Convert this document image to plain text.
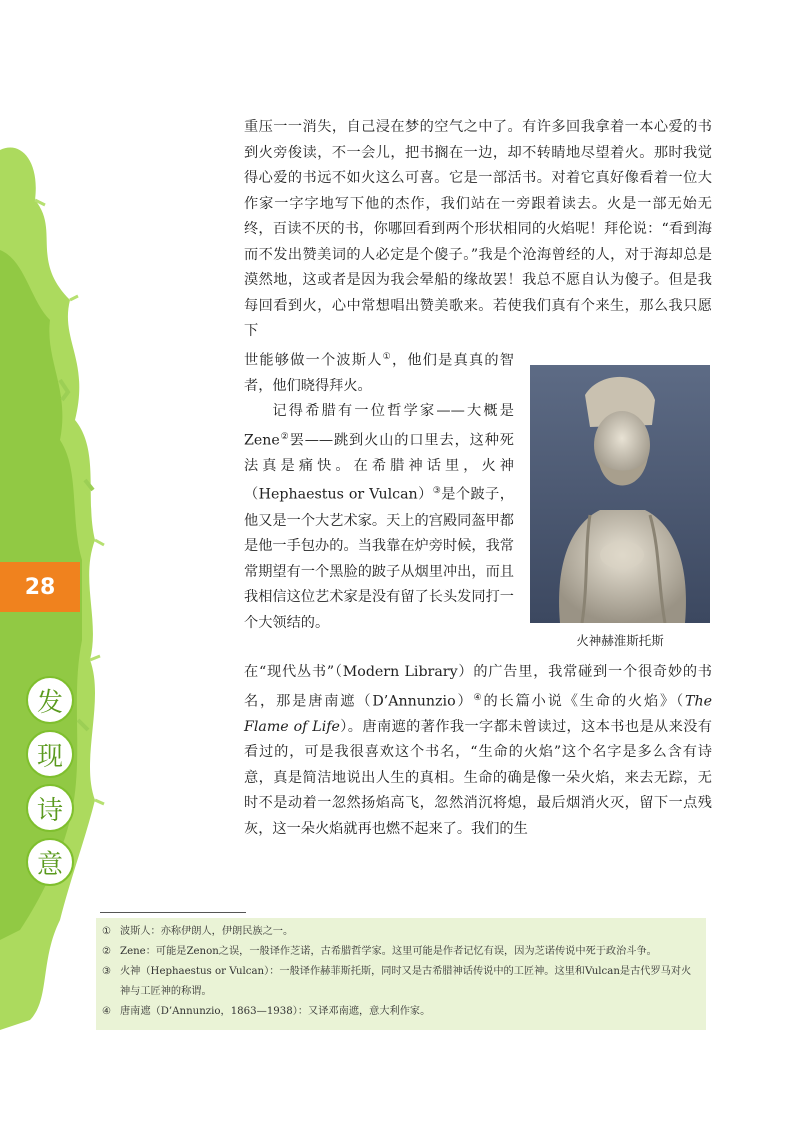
28
发
现
诗
意

重压一一消失，自己浸在梦的空气之中了。有许多回我拿着一本心爱的书到火旁俊读，不一会儿，把书搁在一边，却不转睛地尽望着火。那时我觉得心爱的书远不如火这么可喜。它是一部活书。对着它真好像看着一位大作家一字字地写下他的杰作，我们站在一旁跟着读去。火是一部无始无终，百读不厌的书，你哪回看到两个形状相同的火焰呢！拜伦说：“看到海而不发出赞美词的人必定是个傻子。”我是个沧海曾经的人，对于海却总是漠然地，这或者是因为我会晕船的缘故罢！我总不愿自认为傻子。但是我每回看到火，心中常想唱出赞美歌来。若使我们真有个来生，那么我只愿下

世能够做一个波斯人①，他们是真真的智者，他们晓得拜火。

记得希腊有一位哲学家——大概是Zene②罢——跳到火山的口里去，这种死法真是痛快。在希腊神话里，火神（Hephaestus or Vulcan）③是个跛子，他又是一个大艺术家。天上的宫殿同盔甲都是他一手包办的。当我靠在炉旁时候，我常常期望有一个黑脸的跛子从烟里冲出，而且我相信这位艺术家是没有留了长头发同打一个大领结的。

火神赫淮斯托斯

在“现代丛书”（Modern Library）的广告里，我常碰到一个很奇妙的书名，那是唐南遮（D’Annunzio）④的长篇小说《生命的火焰》（The Flame of Life）。唐南遮的著作我一字都未曾读过，这本书也是从来没有看过的，可是我很喜欢这个书名，“生命的火焰”这个名字是多么含有诗意，真是简洁地说出人生的真相。生命的确是像一朵火焰，来去无踪，无时不是动着一忽然扬焰高飞，忽然消沉将熄，最后烟消火灭，留下一点残灰，这一朵火焰就再也燃不起来了。我们的生

① 波斯人：亦称伊朗人，伊朗民族之一。
② Zene：可能是Zenon之误，一般译作芝诺，古希腊哲学家。这里可能是作者记忆有误，因为芝诺传说中死于政治斗争。
③ 火神（Hephaestus or Vulcan）：一般译作赫菲斯托斯，同时又是古希腊神话传说中的工匠神。这里和Vulcan是古代罗马对火神与工匠神的称谓。
④ 唐南遮（D’Annunzio，1863—1938）：又译邓南遮，意大利作家。
